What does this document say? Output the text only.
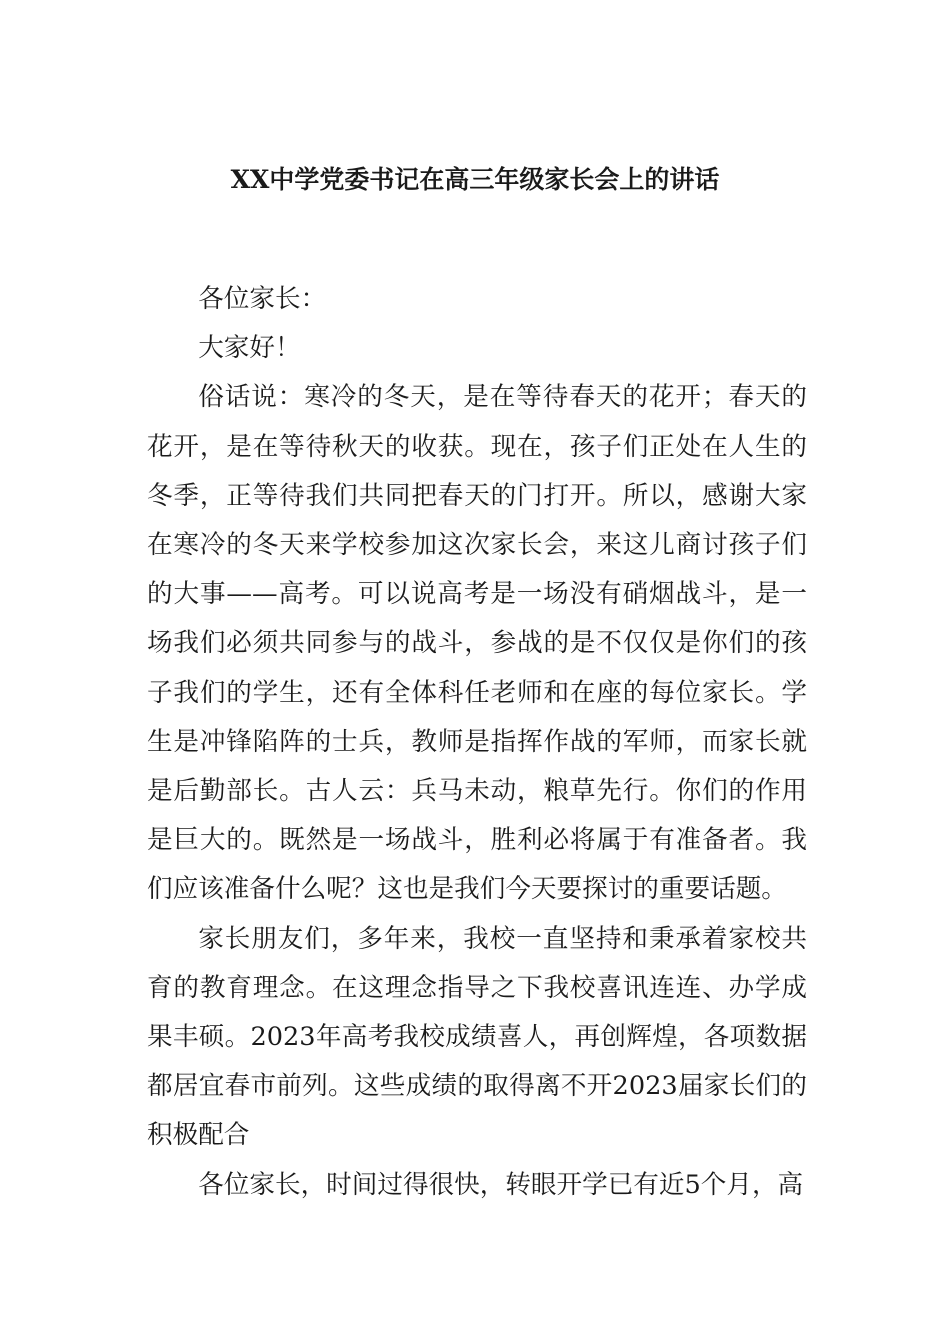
XX中学党委书记在高三年级家长会上的讲话

各位家长：

大家好！

俗话说：寒冷的冬天，是在等待春天的花开；春天的花开，是在等待秋天的收获。现在，孩子们正处在人生的冬季，正等待我们共同把春天的门打开。所以，感谢大家在寒冷的冬天来学校参加这次家长会，来这儿商讨孩子们的大事——高考。可以说高考是一场没有硝烟战斗，是一场我们必须共同参与的战斗，参战的是不仅仅是你们的孩子我们的学生，还有全体科任老师和在座的每位家长。学生是冲锋陷阵的士兵，教师是指挥作战的军师，而家长就是后勤部长。古人云：兵马未动，粮草先行。你们的作用是巨大的。既然是一场战斗，胜利必将属于有准备者。我们应该准备什么呢？这也是我们今天要探讨的重要话题。

家长朋友们，多年来，我校一直坚持和秉承着家校共育的教育理念。在这理念指导之下我校喜讯连连、办学成果丰硕。2023年高考我校成绩喜人，再创辉煌，各项数据都居宜春市前列。这些成绩的取得离不开2023届家长们的积极配合

各位家长，时间过得很快，转眼开学已有近5个月，高
